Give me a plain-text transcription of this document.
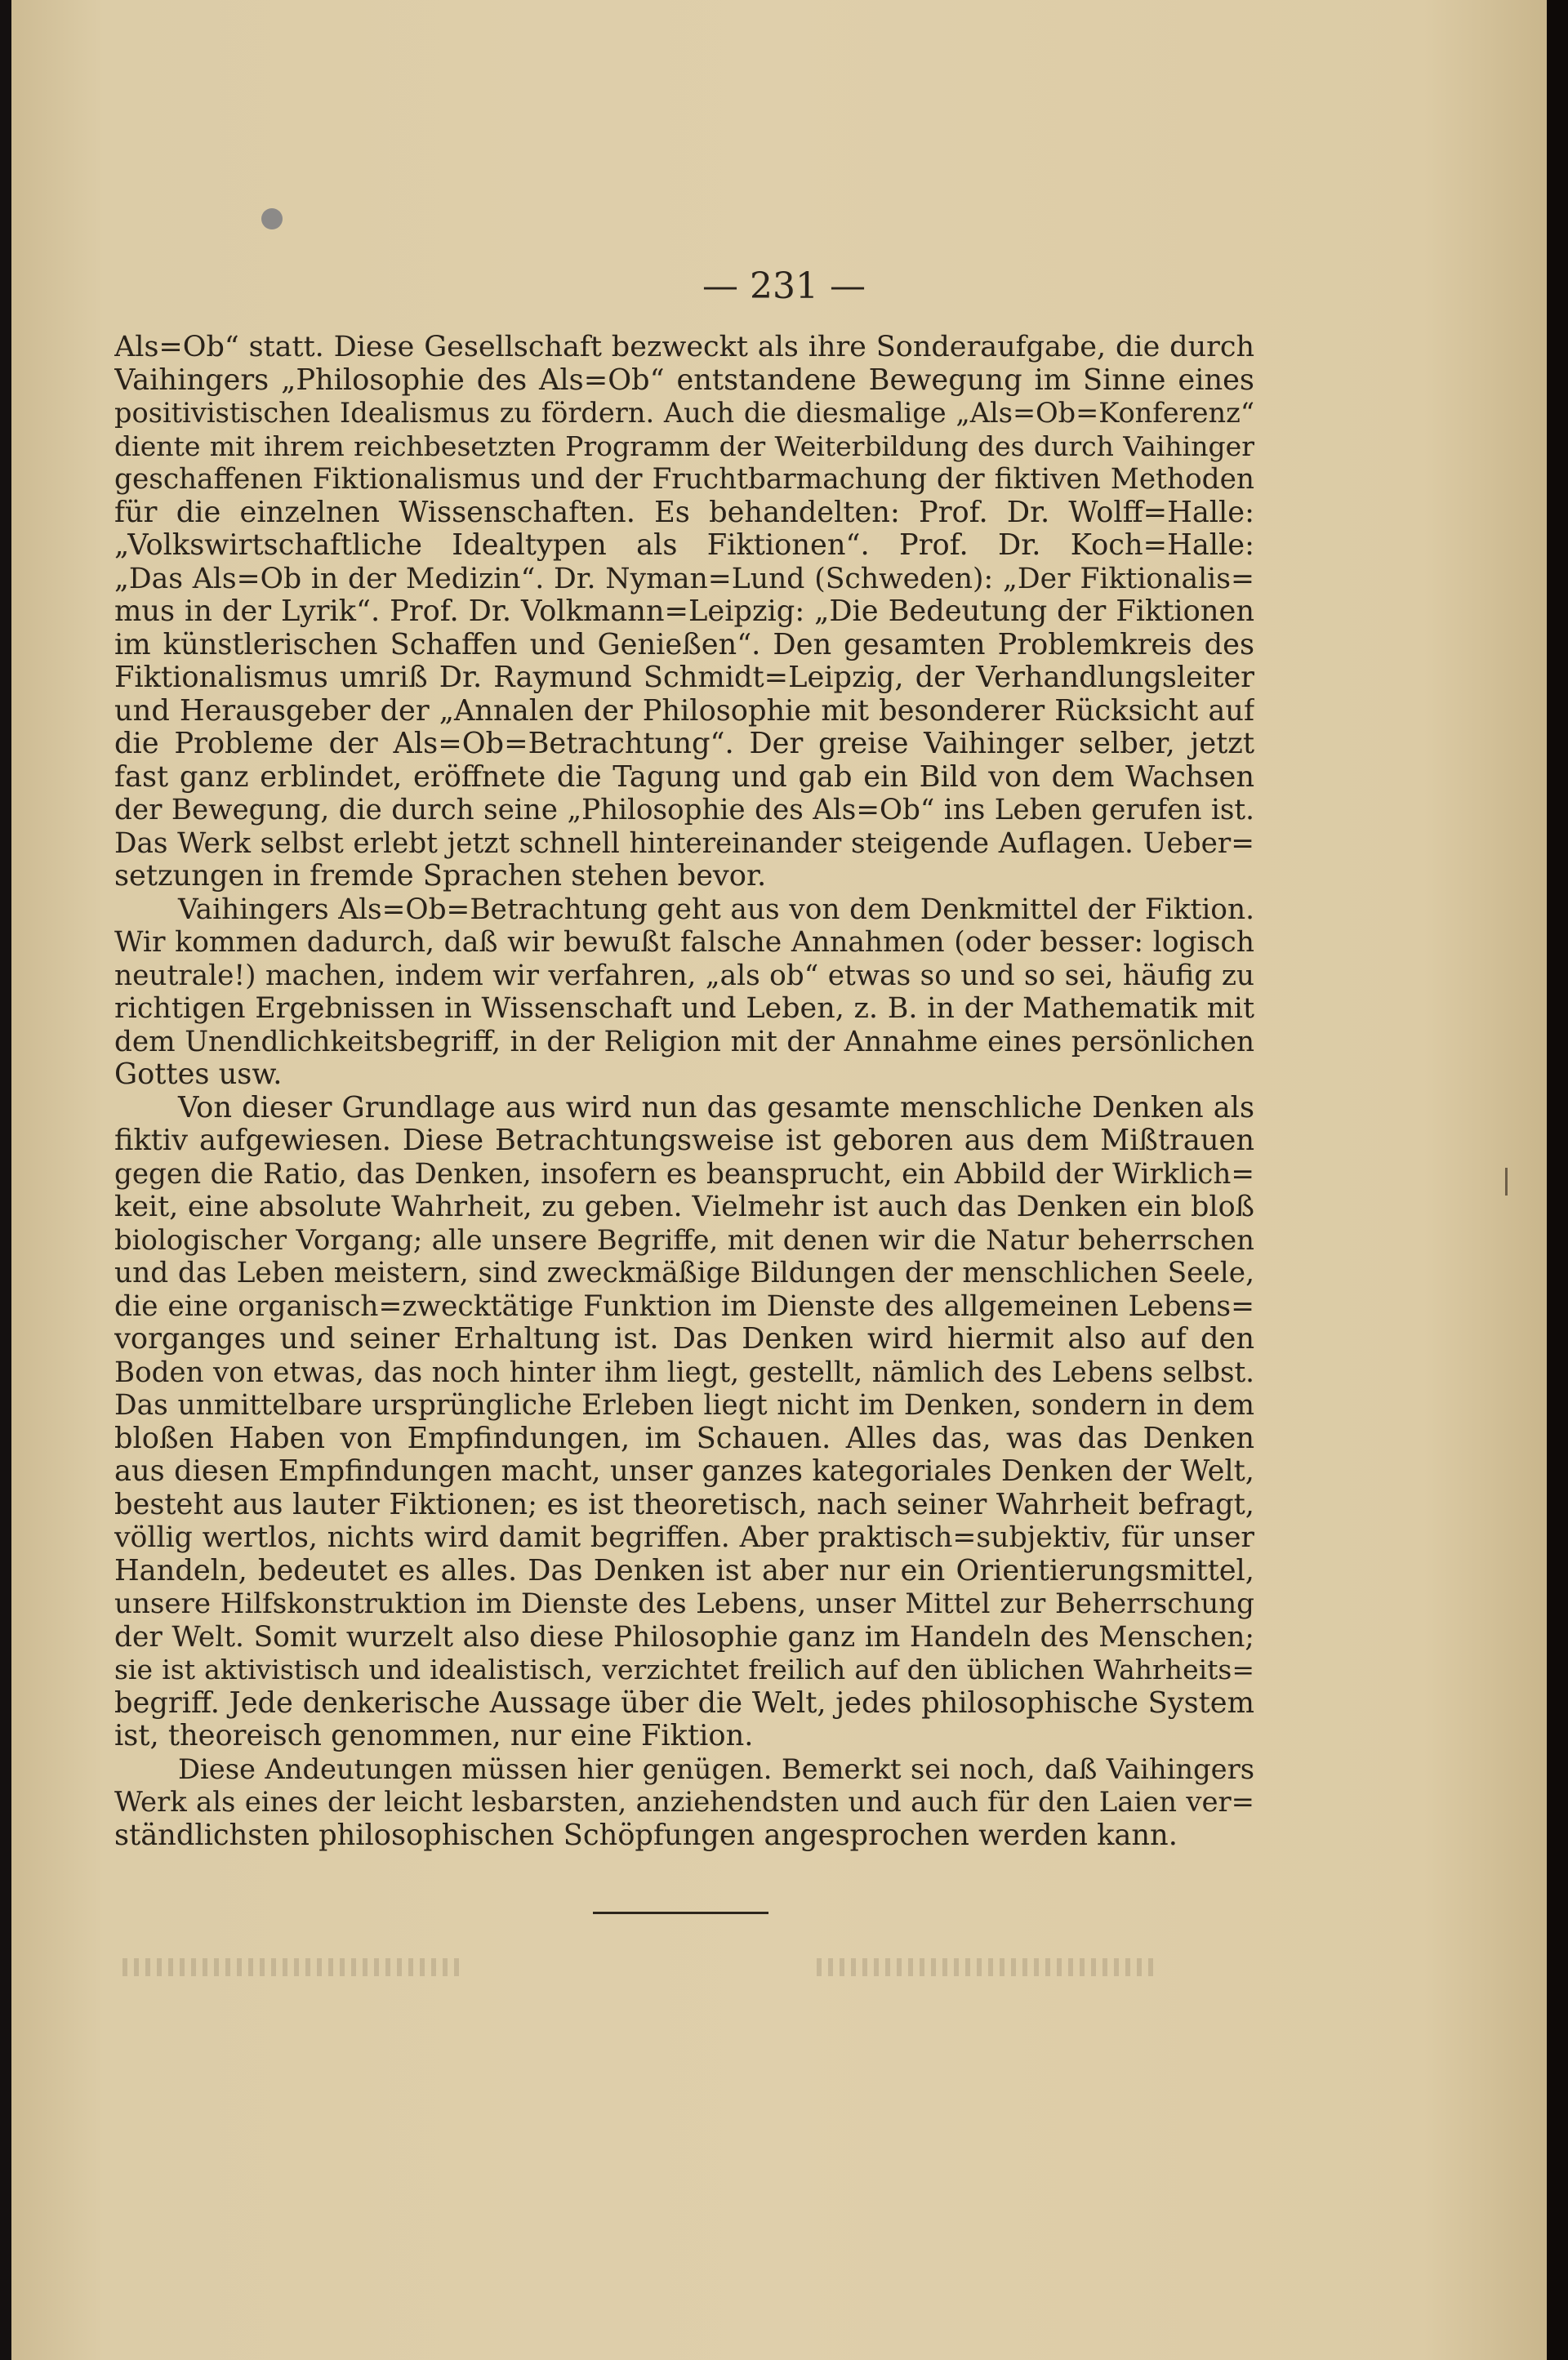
— 231 —
Als=Ob“ statt. Diese Gesellschaft bezweckt als ihre Sonderaufgabe, die durch
Vaihingers „Philosophie des Als=Ob“ entstandene Bewegung im Sinne eines
positivistischen Idealismus zu fördern. Auch die diesmalige „Als=Ob=Konferenz“
diente mit ihrem reichbesetzten Programm der Weiterbildung des durch Vaihinger
geschaffenen Fiktionalismus und der Fruchtbarmachung der fiktiven Methoden
für die einzelnen Wissenschaften. Es behandelten: Prof. Dr. Wolff=Halle:
„Volkswirtschaftliche Idealtypen als Fiktionen“. Prof. Dr. Koch=Halle:
„Das Als=Ob in der Medizin“. Dr. Nyman=Lund (Schweden): „Der Fiktionalis=
mus in der Lyrik“. Prof. Dr. Volkmann=Leipzig: „Die Bedeutung der Fiktionen
im künstlerischen Schaffen und Genießen“. Den gesamten Problemkreis des
Fiktionalismus umriß Dr. Raymund Schmidt=Leipzig, der Verhandlungsleiter
und Herausgeber der „Annalen der Philosophie mit besonderer Rücksicht auf
die Probleme der Als=Ob=Betrachtung“. Der greise Vaihinger selber, jetzt
fast ganz erblindet, eröffnete die Tagung und gab ein Bild von dem Wachsen
der Bewegung, die durch seine „Philosophie des Als=Ob“ ins Leben gerufen ist.
Das Werk selbst erlebt jetzt schnell hintereinander steigende Auflagen. Ueber=
setzungen in fremde Sprachen stehen bevor.
Vaihingers Als=Ob=Betrachtung geht aus von dem Denkmittel der Fiktion.
Wir kommen dadurch, daß wir bewußt falsche Annahmen (oder besser: logisch
neutrale!) machen, indem wir verfahren, „als ob“ etwas so und so sei, häufig zu
richtigen Ergebnissen in Wissenschaft und Leben, z. B. in der Mathematik mit
dem Unendlichkeitsbegriff, in der Religion mit der Annahme eines persönlichen
Gottes usw.
Von dieser Grundlage aus wird nun das gesamte menschliche Denken als
fiktiv aufgewiesen. Diese Betrachtungsweise ist geboren aus dem Mißtrauen
gegen die Ratio, das Denken, insofern es beansprucht, ein Abbild der Wirklich=
keit, eine absolute Wahrheit, zu geben. Vielmehr ist auch das Denken ein bloß
biologischer Vorgang; alle unsere Begriffe, mit denen wir die Natur beherrschen
und das Leben meistern, sind zweckmäßige Bildungen der menschlichen Seele,
die eine organisch=zwecktätige Funktion im Dienste des allgemeinen Lebens=
vorganges und seiner Erhaltung ist. Das Denken wird hiermit also auf den
Boden von etwas, das noch hinter ihm liegt, gestellt, nämlich des Lebens selbst.
Das unmittelbare ursprüngliche Erleben liegt nicht im Denken, sondern in dem
bloßen Haben von Empfindungen, im Schauen. Alles das, was das Denken
aus diesen Empfindungen macht, unser ganzes kategoriales Denken der Welt,
besteht aus lauter Fiktionen; es ist theoretisch, nach seiner Wahrheit befragt,
völlig wertlos, nichts wird damit begriffen. Aber praktisch=subjektiv, für unser
Handeln, bedeutet es alles. Das Denken ist aber nur ein Orientierungsmittel,
unsere Hilfskonstruktion im Dienste des Lebens, unser Mittel zur Beherrschung
der Welt. Somit wurzelt also diese Philosophie ganz im Handeln des Menschen;
sie ist aktivistisch und idealistisch, verzichtet freilich auf den üblichen Wahrheits=
begriff. Jede denkerische Aussage über die Welt, jedes philosophische System
ist, theoreisch genommen, nur eine Fiktion.
Diese Andeutungen müssen hier genügen. Bemerkt sei noch, daß Vaihingers
Werk als eines der leicht lesbarsten, anziehendsten und auch für den Laien ver=
ständlichsten philosophischen Schöpfungen angesprochen werden kann.
